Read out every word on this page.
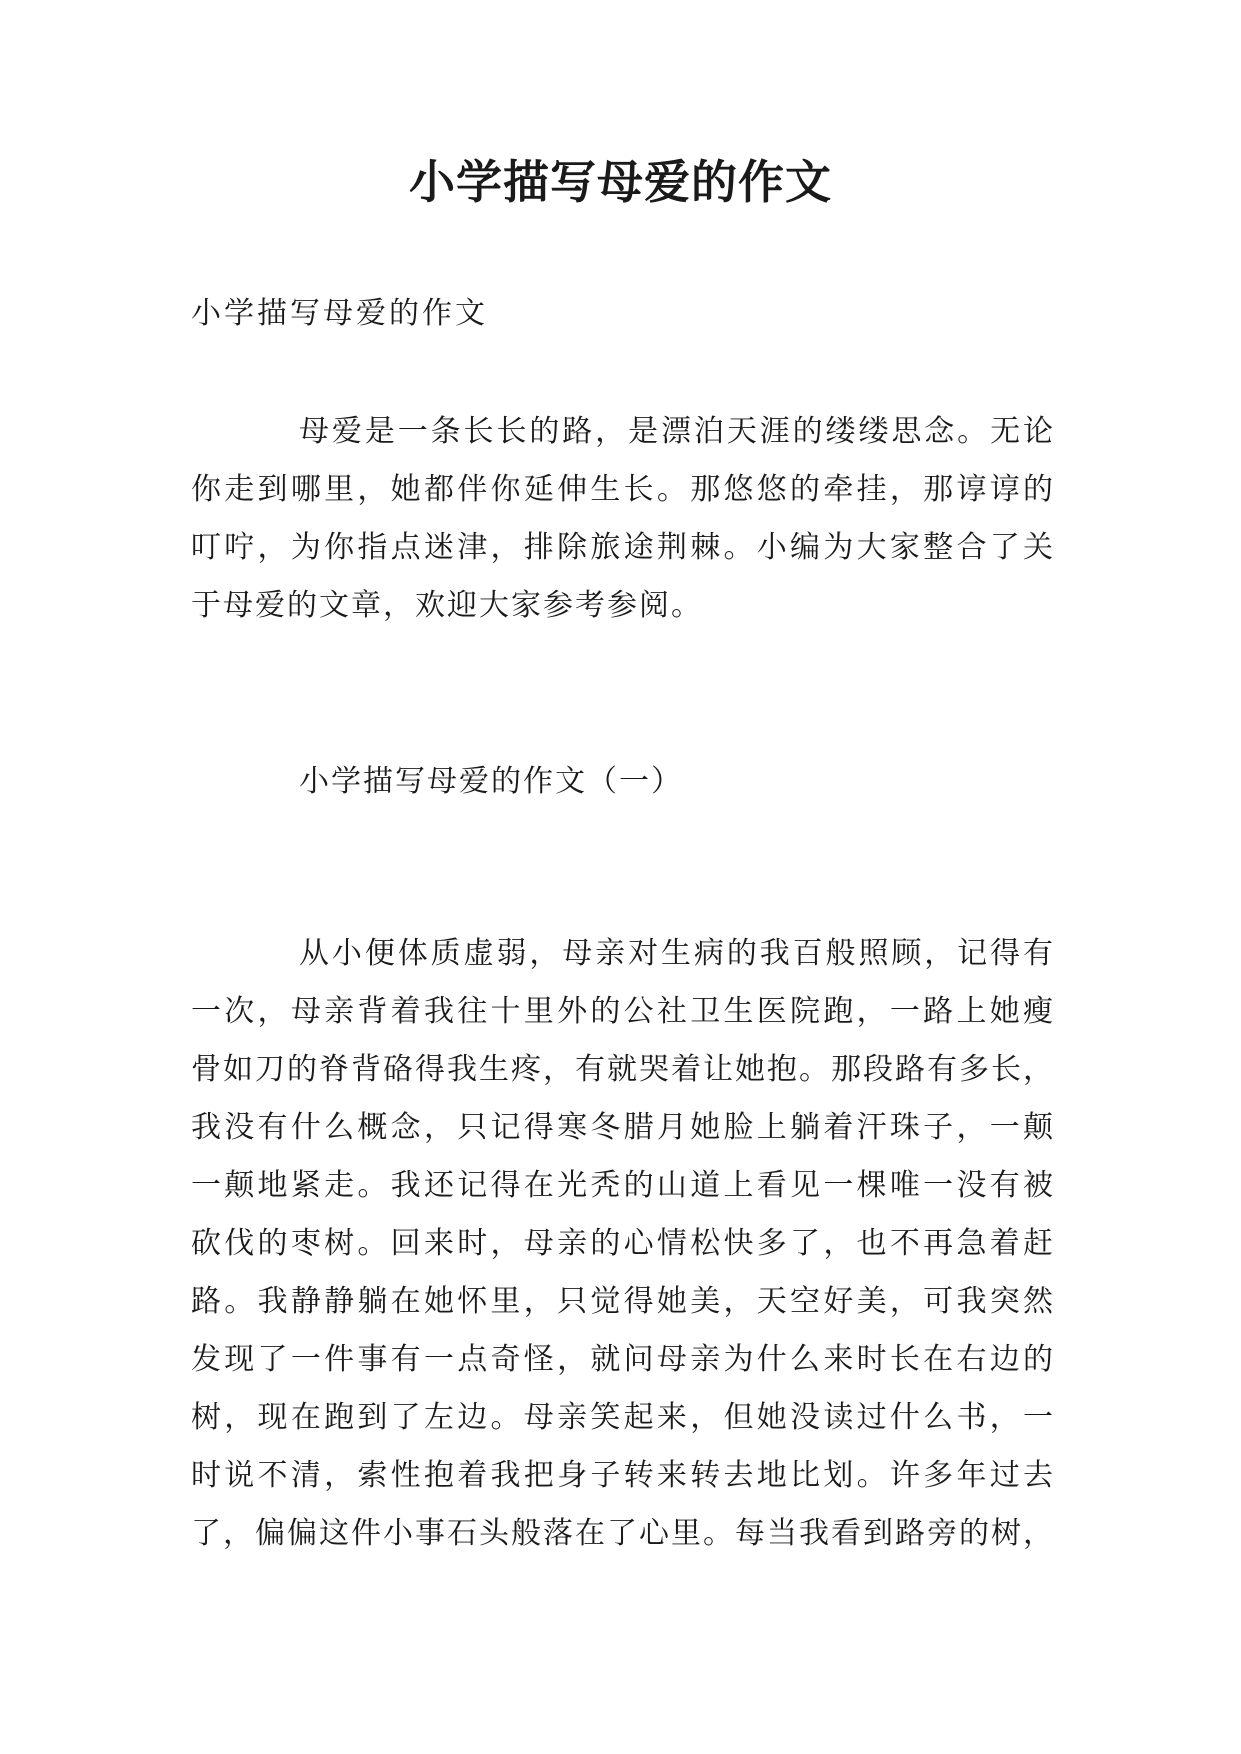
小学描写母爱的作文
小学描写母爱的作文
母爱是一条长长的路，是漂泊天涯的缕缕思念。无论
你走到哪里，她都伴你延伸生长。那悠悠的牵挂，那谆谆的
叮咛，为你指点迷津，排除旅途荆棘。小编为大家整合了关
于母爱的文章，欢迎大家参考参阅。
小学描写母爱的作文（一）
从小便体质虚弱，母亲对生病的我百般照顾，记得有
一次，母亲背着我往十里外的公社卫生医院跑，一路上她瘦
骨如刀的脊背硌得我生疼，有就哭着让她抱。那段路有多长，
我没有什么概念，只记得寒冬腊月她脸上躺着汗珠子，一颠
一颠地紧走。我还记得在光秃的山道上看见一棵唯一没有被
砍伐的枣树。回来时，母亲的心情松快多了，也不再急着赶
路。我静静躺在她怀里，只觉得她美，天空好美，可我突然
发现了一件事有一点奇怪，就问母亲为什么来时长在右边的
树，现在跑到了左边。母亲笑起来，但她没读过什么书，一
时说不清，索性抱着我把身子转来转去地比划。许多年过去
了，偏偏这件小事石头般落在了心里。每当我看到路旁的树，
